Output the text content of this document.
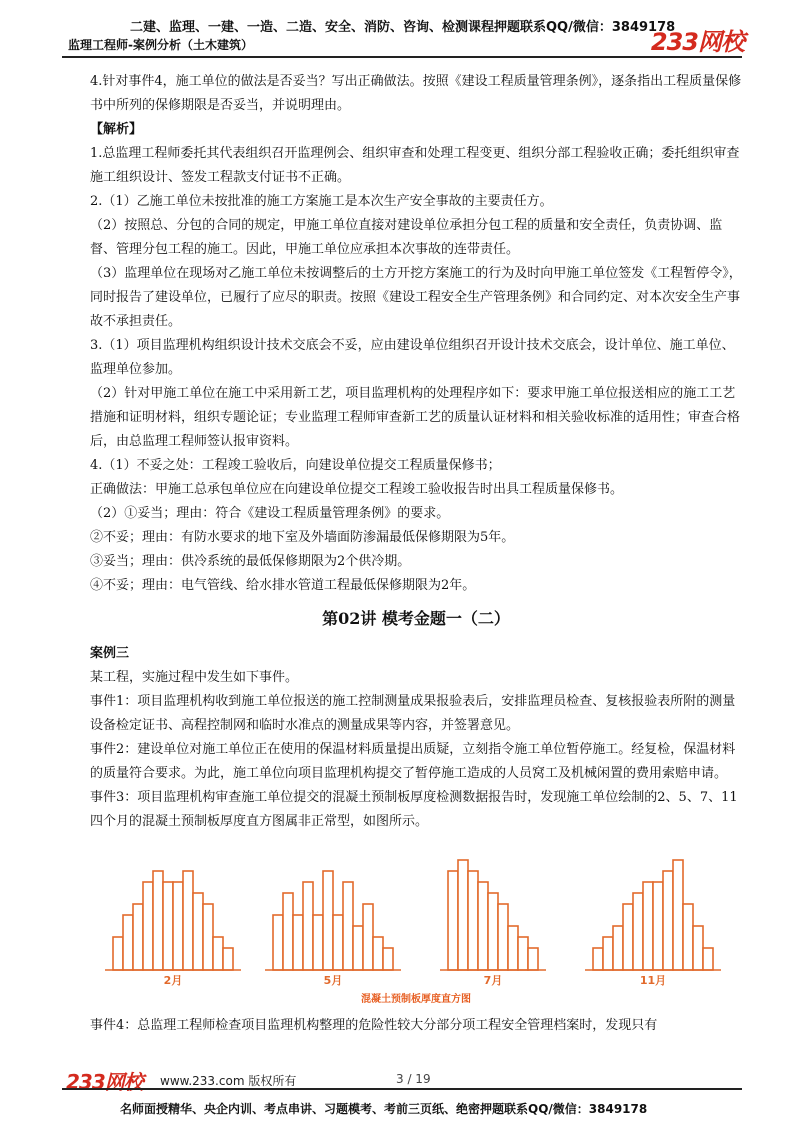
二建、监理、一建、一造、二造、安全、消防、咨询、检测课程押题联系QQ/微信：3849178
监理工程师-案例分析（土木建筑）	233网校

4.针对事件4，施工单位的做法是否妥当？写出正确做法。按照《建设工程质量管理条例》，逐条指出工程质量保修书中所列的保修期限是否妥当，并说明理由。

【解析】

1.总监理工程师委托其代表组织召开监理例会、组织审查和处理工程变更、组织分部工程验收正确；委托组织审查施工组织设计、签发工程款支付证书不正确。

2.（1）乙施工单位未按批准的施工方案施工是本次生产安全事故的主要责任方。

（2）按照总、分包的合同的规定，甲施工单位直接对建设单位承担分包工程的质量和安全责任，负责协调、监督、管理分包工程的施工。因此，甲施工单位应承担本次事故的连带责任。

（3）监理单位在现场对乙施工单位未按调整后的土方开挖方案施工的行为及时向甲施工单位签发《工程暂停令》，同时报告了建设单位，已履行了应尽的职责。按照《建设工程安全生产管理条例》和合同约定、对本次安全生产事故不承担责任。

3.（1）项目监理机构组织设计技术交底会不妥，应由建设单位组织召开设计技术交底会，设计单位、施工单位、监理单位参加。

（2）针对甲施工单位在施工中采用新工艺，项目监理机构的处理程序如下：要求甲施工单位报送相应的施工工艺措施和证明材料，组织专题论证；专业监理工程师审查新工艺的质量认证材料和相关验收标准的适用性；审查合格后，由总监理工程师签认报审资料。

4.（1）不妥之处：工程竣工验收后，向建设单位提交工程质量保修书；

正确做法：甲施工总承包单位应在向建设单位提交工程竣工验收报告时出具工程质量保修书。

（2）①妥当；理由：符合《建设工程质量管理条例》的要求。

②不妥；理由：有防水要求的地下室及外墙面防渗漏最低保修期限为5年。

③妥当；理由：供冷系统的最低保修期限为2个供冷期。

④不妥；理由：电气管线、给水排水管道工程最低保修期限为2年。

第02讲 模考金题一（二）

案例三

某工程，实施过程中发生如下事件。

事件1：项目监理机构收到施工单位报送的施工控制测量成果报验表后，安排监理员检查、复核报验表所附的测量设备检定证书、高程控制网和临时水准点的测量成果等内容，并签署意见。

事件2：建设单位对施工单位正在使用的保温材料质量提出质疑，立刻指令施工单位暂停施工。经复检，保温材料的质量符合要求。为此，施工单位向项目监理机构提交了暂停施工造成的人员窝工及机械闲置的费用索赔申请。

事件3：项目监理机构审查施工单位提交的混凝土预制板厚度检测数据报告时，发现施工单位绘制的2、5、7、11四个月的混凝土预制板厚度直方图属非正常型，如图所示。

2月	5月	7月	11月
混凝土预制板厚度直方图

事件4：总监理工程师检查项目监理机构整理的危险性较大分部分项工程安全管理档案时，发现只有

233网校 www.233.com 版权所有	3 / 19
名师面授精华、央企内训、考点串讲、习题模考、考前三页纸、绝密押题联系QQ/微信：3849178
